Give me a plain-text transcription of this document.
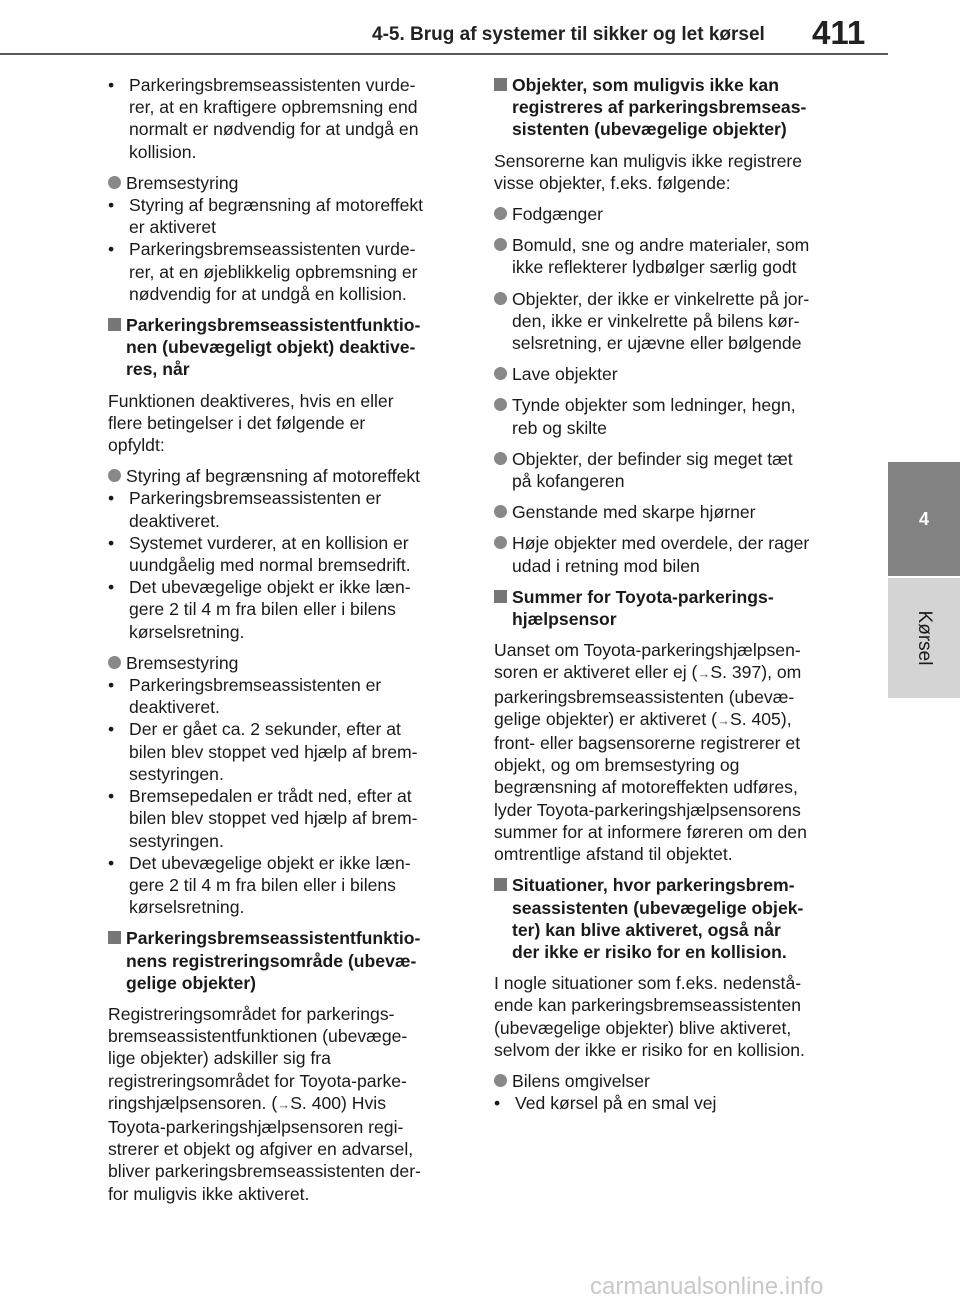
4-5. Brug af systemer til sikker og let kørsel 411
4
Kørsel
• Parkeringsbremseassistenten vurde-
rer, at en kraftigere opbremsning end
normalt er nødvendig for at undgå en
kollision.
Bremsestyring
• Styring af begrænsning af motoreffekt
er aktiveret
• Parkeringsbremseassistenten vurde-
rer, at en øjeblikkelig opbremsning er
nødvendig for at undgå en kollision.
Parkeringsbremseassistentfunktio-
nen (ubevægeligt objekt) deaktive-
res, når
Funktionen deaktiveres, hvis en eller
flere betingelser i det følgende er
opfyldt:
Styring af begrænsning af motoreffekt
• Parkeringsbremseassistenten er
deaktiveret.
• Systemet vurderer, at en kollision er
uundgåelig med normal bremsedrift.
• Det ubevægelige objekt er ikke læn-
gere 2 til 4 m fra bilen eller i bilens
kørselsretning.
Bremsestyring
• Parkeringsbremseassistenten er
deaktiveret.
• Der er gået ca. 2 sekunder, efter at
bilen blev stoppet ved hjælp af brem-
sestyringen.
• Bremsepedalen er trådt ned, efter at
bilen blev stoppet ved hjælp af brem-
sestyringen.
• Det ubevægelige objekt er ikke læn-
gere 2 til 4 m fra bilen eller i bilens
kørselsretning.
Parkeringsbremseassistentfunktio-
nens registreringsområde (ubevæ-
gelige objekter)
Registreringsområdet for parkerings-
bremseassistentfunktionen (ubevæge-
lige objekter) adskiller sig fra
registreringsområdet for Toyota-parke-
ringshjælpsensoren. (→S. 400) Hvis
Toyota-parkeringshjælpsensoren regi-
strerer et objekt og afgiver en advarsel,
bliver parkeringsbremseassistenten der-
for muligvis ikke aktiveret.
Objekter, som muligvis ikke kan
registreres af parkeringsbremseas-
sistenten (ubevægelige objekter)
Sensorerne kan muligvis ikke registrere
visse objekter, f.eks. følgende:
Fodgænger
Bomuld, sne og andre materialer, som
ikke reflekterer lydbølger særlig godt
Objekter, der ikke er vinkelrette på jor-
den, ikke er vinkelrette på bilens kør-
selsretning, er ujævne eller bølgende
Lave objekter
Tynde objekter som ledninger, hegn,
reb og skilte
Objekter, der befinder sig meget tæt
på kofangeren
Genstande med skarpe hjørner
Høje objekter med overdele, der rager
udad i retning mod bilen
Summer for Toyota-parkerings-
hjælpsensor
Uanset om Toyota-parkeringshjælpsen-
soren er aktiveret eller ej (→S. 397), om
parkeringsbremseassistenten (ubevæ-
gelige objekter) er aktiveret (→S. 405),
front- eller bagsensorerne registrerer et
objekt, og om bremsestyring og
begrænsning af motoreffekten udføres,
lyder Toyota-parkeringshjælpsensorens
summer for at informere føreren om den
omtrentlige afstand til objektet.
Situationer, hvor parkeringsbrem-
seassistenten (ubevægelige objek-
ter) kan blive aktiveret, også når
der ikke er risiko for en kollision.
I nogle situationer som f.eks. nedenstå-
ende kan parkeringsbremseassistenten
(ubevægelige objekter) blive aktiveret,
selvom der ikke er risiko for en kollision.
Bilens omgivelser
• Ved kørsel på en smal vej
carmanualsonline.info
